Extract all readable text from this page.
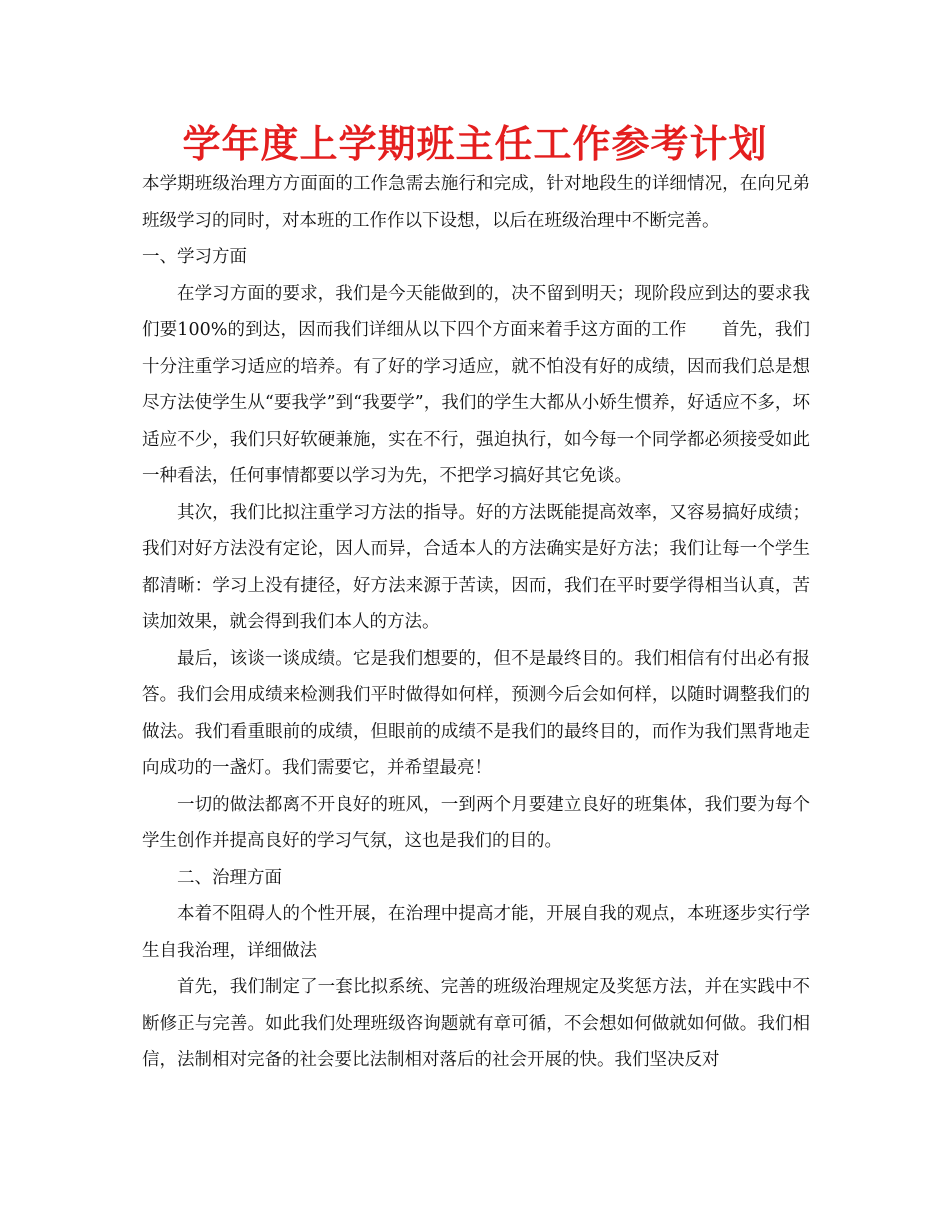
学年度上学期班主任工作参考计划

本学期班级治理方方面面的工作急需去施行和完成，针对地段生的详细情况，在向兄弟班级学习的同时，对本班的工作作以下设想，以后在班级治理中不断完善。

一、学习方面

在学习方面的要求，我们是今天能做到的，决不留到明天；现阶段应到达的要求我们要100%的到达，因而我们详细从以下四个方面来着手这方面的工作　　首先，我们十分注重学习适应的培养。有了好的学习适应，就不怕没有好的成绩，因而我们总是想尽方法使学生从“要我学”到“我要学”，我们的学生大都从小娇生惯养，好适应不多，坏适应不少，我们只好软硬兼施，实在不行，强迫执行，如今每一个同学都必须接受如此一种看法，任何事情都要以学习为先，不把学习搞好其它免谈。

其次，我们比拟注重学习方法的指导。好的方法既能提高效率，又容易搞好成绩；我们对好方法没有定论，因人而异，合适本人的方法确实是好方法；我们让每一个学生都清晰：学习上没有捷径，好方法来源于苦读，因而，我们在平时要学得相当认真，苦读加效果，就会得到我们本人的方法。

最后，该谈一谈成绩。它是我们想要的，但不是最终目的。我们相信有付出必有报答。我们会用成绩来检测我们平时做得如何样，预测今后会如何样，以随时调整我们的做法。我们看重眼前的成绩，但眼前的成绩不是我们的最终目的，而作为我们黑背地走向成功的一盏灯。我们需要它，并希望最亮！

一切的做法都离不开良好的班风，一到两个月要建立良好的班集体，我们要为每个学生创作并提高良好的学习气氛，这也是我们的目的。

二、治理方面

本着不阻碍人的个性开展，在治理中提高才能，开展自我的观点，本班逐步实行学生自我治理，详细做法

首先，我们制定了一套比拟系统、完善的班级治理规定及奖惩方法，并在实践中不断修正与完善。如此我们处理班级咨询题就有章可循，不会想如何做就如何做。我们相信，法制相对完备的社会要比法制相对落后的社会开展的快。我们坚决反对
